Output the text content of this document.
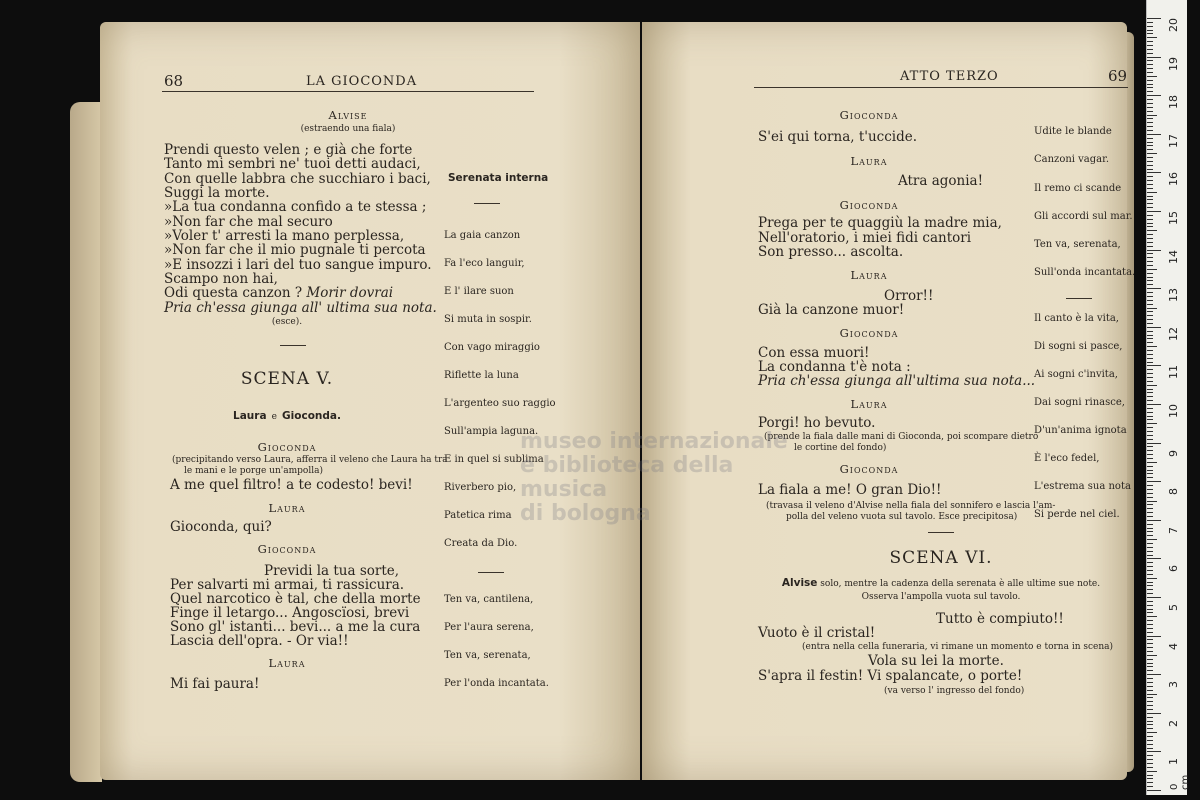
68	LA GIOCONDA
Alvise
(estraendo una fiala)
Prendi questo velen ; e già che forte
Tanto mi sembri ne' tuoi detti audaci,
Con quelle labbra che succhiaro i baci,
Suggi la morte.
»La tua condanna confido a te stessa ;
»Non far che mal securo
»Voler t' arresti la mano perplessa,
»Non far che il mio pugnale ti percota
»E insozzi i lari del tuo sangue impuro.
Scampo non hai,
Odi questa canzon ? Morir dovrai
Pria ch'essa giunga all' ultima sua nota.
(esce).
SCENA V.
Laura e Gioconda.
Gioconda
(precipitando verso Laura, afferra il veleno che Laura ha tra
le mani e le porge un'ampolla)
A me quel filtro! a te codesto! bevi!
Laura
Gioconda, qui?
Gioconda
Previdi la tua sorte,
Per salvarti mi armai, ti rassicura.
Quel narcotico è tal, che della morte
Finge il letargo... Angoscïosi, brevi
Sono gl' istanti... bevi... a me la cura
Lascia dell'opra. - Or via!!
Laura
Mi fai paura!
Serenata interna
La gaia canzon
Fa l'eco languir,
E l' ilare suon
Si muta in sospir.
Con vago miraggio
Riflette la luna
L'argenteo suo raggio
Sull'ampia laguna.
E in quel si sublima
Riverbero pio,
Patetica rima
Creata da Dio.
Ten va, cantilena,
Per l'aura serena,
Ten va, serenata,
Per l'onda incantata.
ATTO TERZO	69
Gioconda
S'ei qui torna, t'uccide.
Laura
Atra agonia!
Gioconda
Prega per te quaggiù la madre mia,
Nell'oratorio, i miei fidi cantori
Son presso... ascolta.
Laura
Orror!!
Già la canzone muor!
Gioconda
Con essa muori!
La condanna t'è nota :
Pria ch'essa giunga all'ultima sua nota...
Laura
Porgi! ho bevuto.
(prende la fiala dalle mani di Gioconda, poi scompare dietro
le cortine del fondo)
Gioconda
La fiala a me! O gran Dio!!
(travasa il veleno d'Alvise nella fiala del sonnifero e lascia l'am-
polla del veleno vuota sul tavolo. Esce precipitosa)
Udite le blande
Canzoni vagar.
Il remo ci scande
Gli accordi sul mar.
Ten va, serenata,
Sull'onda incantata.
Il canto è la vita,
Di sogni si pasce,
Ai sogni c'invita,
Dai sogni rinasce,
D'un'anima ignota
È l'eco fedel,
L'estrema sua nota
Si perde nel ciel.
SCENA VI.
Alvise solo, mentre la cadenza della serenata è alle ultime sue note.
Osserva l'ampolla vuota sul tavolo.
Tutto è compiuto!!
Vuoto è il cristal!
(entra nella cella funeraria, vi rimane un momento e torna in scena)
Vola su lei la morte.
S'apra il festin! Vi spalancate, o porte!
(va verso l' ingresso del fondo)
museo internazionale
e biblioteca della musica
di bologna
20
19
18
17
16
15
14
13
12
11
10
9
8
7
6
5
4
3
2
1
0 cm
